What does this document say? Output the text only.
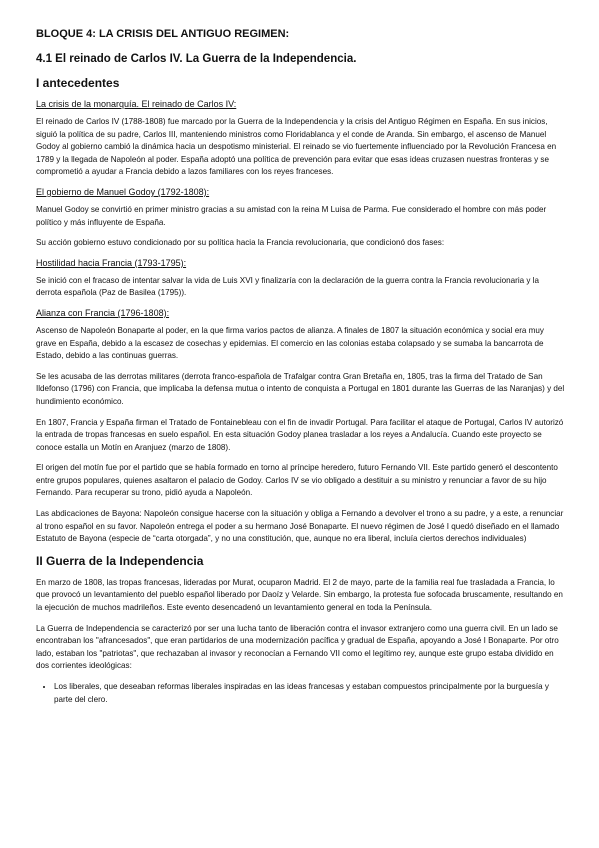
BLOQUE 4: LA CRISIS DEL ANTIGUO REGIMEN:
4.1 El reinado de Carlos IV. La Guerra de la Independencia.
I antecedentes
La crisis de la monarquía. El reinado de Carlos IV:
El reinado de Carlos IV (1788-1808) fue marcado por la Guerra de la Independencia y la crisis del Antiguo Régimen en España. En sus inicios, siguió la política de su padre, Carlos III, manteniendo ministros como Floridablanca y el conde de Aranda. Sin embargo, el ascenso de Manuel Godoy al gobierno cambió la dinámica hacia un despotismo ministerial. El reinado se vio fuertemente influenciado por la Revolución Francesa en 1789 y la llegada de Napoleón al poder. España adoptó una política de prevención para evitar que esas ideas cruzasen nuestras fronteras y se comprometió a ayudar a Francia debido a lazos familiares con los reyes franceses.
El gobierno de Manuel Godoy (1792-1808):
Manuel Godoy se convirtió en primer ministro gracias a su amistad con la reina M Luisa de Parma. Fue considerado el hombre con más poder político y más influyente de España.
Su acción gobierno estuvo condicionado por su política hacia la Francia revolucionaria, que condicionó dos fases:
Hostilidad hacia Francia (1793-1795):
Se inició con el fracaso de intentar salvar la vida de Luis XVI y finalizaría con la declaración de la guerra contra la Francia revolucionaria y la derrota española (Paz de Basilea (1795)).
Alianza con Francia (1796-1808):
Ascenso de Napoleón Bonaparte al poder, en la que firma varios pactos de alianza. A finales de 1807 la situación económica y social era muy grave en España, debido a la escasez de cosechas y epidemias. El comercio en las colonias estaba colapsado y se sumaba la bancarrota de Estado, debido a las continuas guerras.
Se les acusaba de las derrotas militares (derrota franco-española de Trafalgar contra Gran Bretaña en, 1805, tras la firma del Tratado de San Ildefonso (1796) con Francia, que implicaba la defensa mutua o intento de conquista a Portugal en 1801 durante las Guerras de las Naranjas) y del hundimiento económico.
En 1807, Francia y España firman el Tratado de Fontainebleau con el fin de invadir Portugal. Para facilitar el ataque de Portugal, Carlos IV autorizó la entrada de tropas francesas en suelo español. En esta situación Godoy planea trasladar a los reyes a Andalucía. Cuando este proyecto se conoce estalla un Motín en Aranjuez (marzo de 1808).
El origen del motín fue por el partido que se había formado en torno al príncipe heredero, futuro Fernando VII. Este partido generó el descontento entre grupos populares, quienes asaltaron el palacio de Godoy. Carlos IV se vio obligado a destituir a su ministro y renunciar a favor de su hijo Fernando. Para recuperar su trono, pidió ayuda a Napoleón.
Las abdicaciones de Bayona: Napoleón consigue hacerse con la situación y obliga a Fernando a devolver el trono a su padre, y a este, a renunciar al trono español en su favor. Napoleón entrega el poder a su hermano José Bonaparte. El nuevo régimen de José I quedó diseñado en el llamado Estatuto de Bayona (especie de “carta otorgada”, y no una constitución, que, aunque no era liberal, incluía ciertos derechos individuales)
II Guerra de la Independencia
En marzo de 1808, las tropas francesas, lideradas por Murat, ocuparon Madrid. El 2 de mayo, parte de la familia real fue trasladada a Francia, lo que provocó un levantamiento del pueblo español liberado por Daoíz y Velarde. Sin embargo, la protesta fue sofocada bruscamente, resultando en la ejecución de muchos madrileños. Este evento desencadenó un levantamiento general en toda la Península.
La Guerra de Independencia se caracterizó por ser una lucha tanto de liberación contra el invasor extranjero como una guerra civil. En un lado se encontraban los "afrancesados", que eran partidarios de una modernización pacífica y gradual de España, apoyando a José I Bonaparte. Por otro lado, estaban los "patriotas", que rechazaban al invasor y reconocían a Fernando VII como el legítimo rey, aunque este grupo estaba dividido en dos corrientes ideológicas:
• Los liberales, que deseaban reformas liberales inspiradas en las ideas francesas y estaban compuestos principalmente por la burguesía y parte del clero.
